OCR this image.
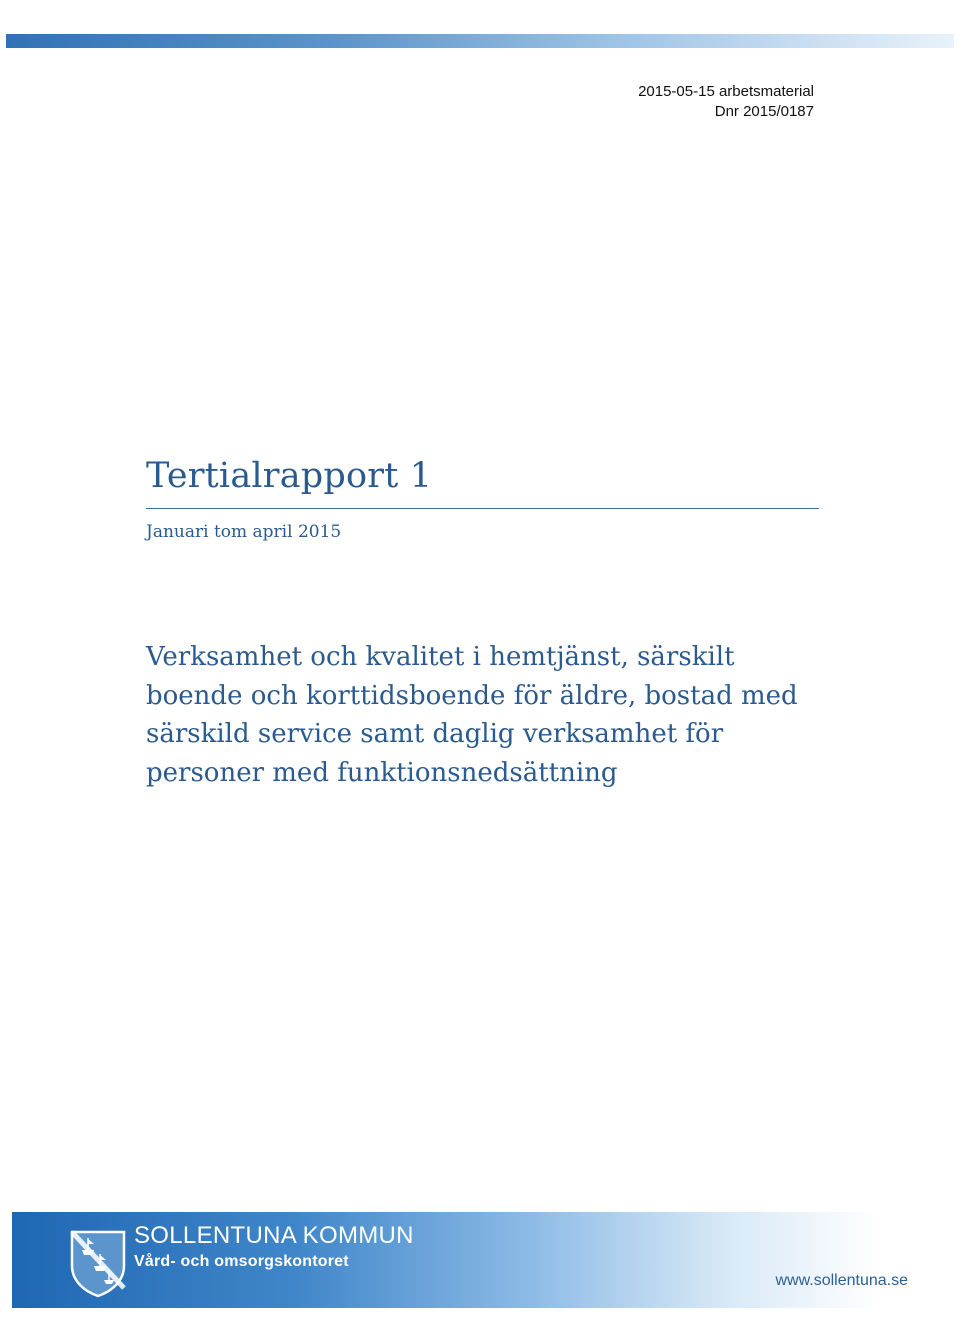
2015-05-15 arbetsmaterial
Dnr 2015/0187
Tertialrapport 1
Januari tom april 2015
Verksamhet och kvalitet i hemtjänst, särskilt boende och korttidsboende för äldre, bostad med särskild service samt daglig verksamhet för personer med funktionsnedsättning
SOLLENTUNA KOMMUN
Vård- och omsorgskontoret
www.sollentuna.se
